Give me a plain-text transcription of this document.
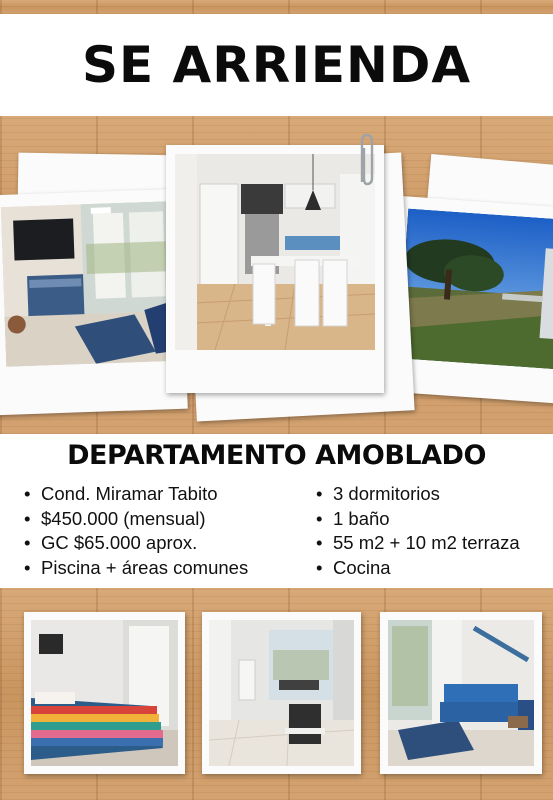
SE ARRIENDA
DEPARTAMENTO AMOBLADO
• Cond. Miramar Tabito
• $450.000 (mensual)
• GC $65.000 aprox.
• Piscina + áreas comunes
• 3 dormitorios
• 1 baño
• 55 m2 + 10 m2 terraza
• Cocina
